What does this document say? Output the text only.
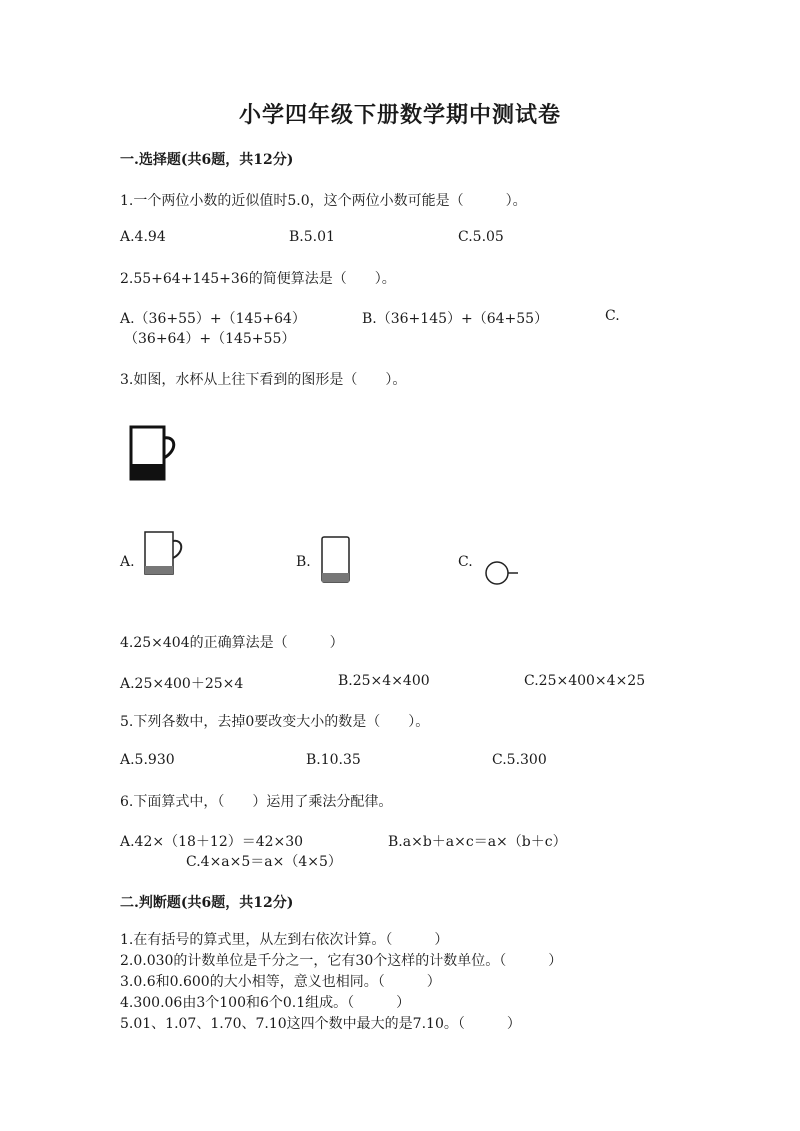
小学四年级下册数学期中测试卷
一.选择题(共6题，共12分)
1.一个两位小数的近似值时5.0，这个两位小数可能是（　　　）。
A.4.94	B.5.01	C.5.05
2.55+64+145+36的简便算法是（　　）。
A.（36+55）+（145+64）	B.（36+145）+（64+55）	C.
（36+64）+（145+55）
3.如图，水杯从上往下看到的图形是（　　）。
A.	B.	C.
4.25×404的正确算法是（　　　）
A.25×400＋25×4	B.25×4×400	C.25×400×4×25
5.下列各数中，去掉0要改变大小的数是（　　）。
A.5.930	B.10.35	C.5.300
6.下面算式中，（　　）运用了乘法分配律。
A.42×（18＋12）＝42×30	B.a×b＋a×c＝a×（b＋c）
C.4×a×5＝a×（4×5）
二.判断题(共6题，共12分)
1.在有括号的算式里，从左到右依次计算。（　　　）
2.0.030的计数单位是千分之一，它有30个这样的计数单位。（　　　）
3.0.6和0.600的大小相等，意义也相同。（　　　）
4.300.06由3个100和6个0.1组成。（　　　）
5.01、1.07、1.70、7.10这四个数中最大的是7.10。（　　　）
